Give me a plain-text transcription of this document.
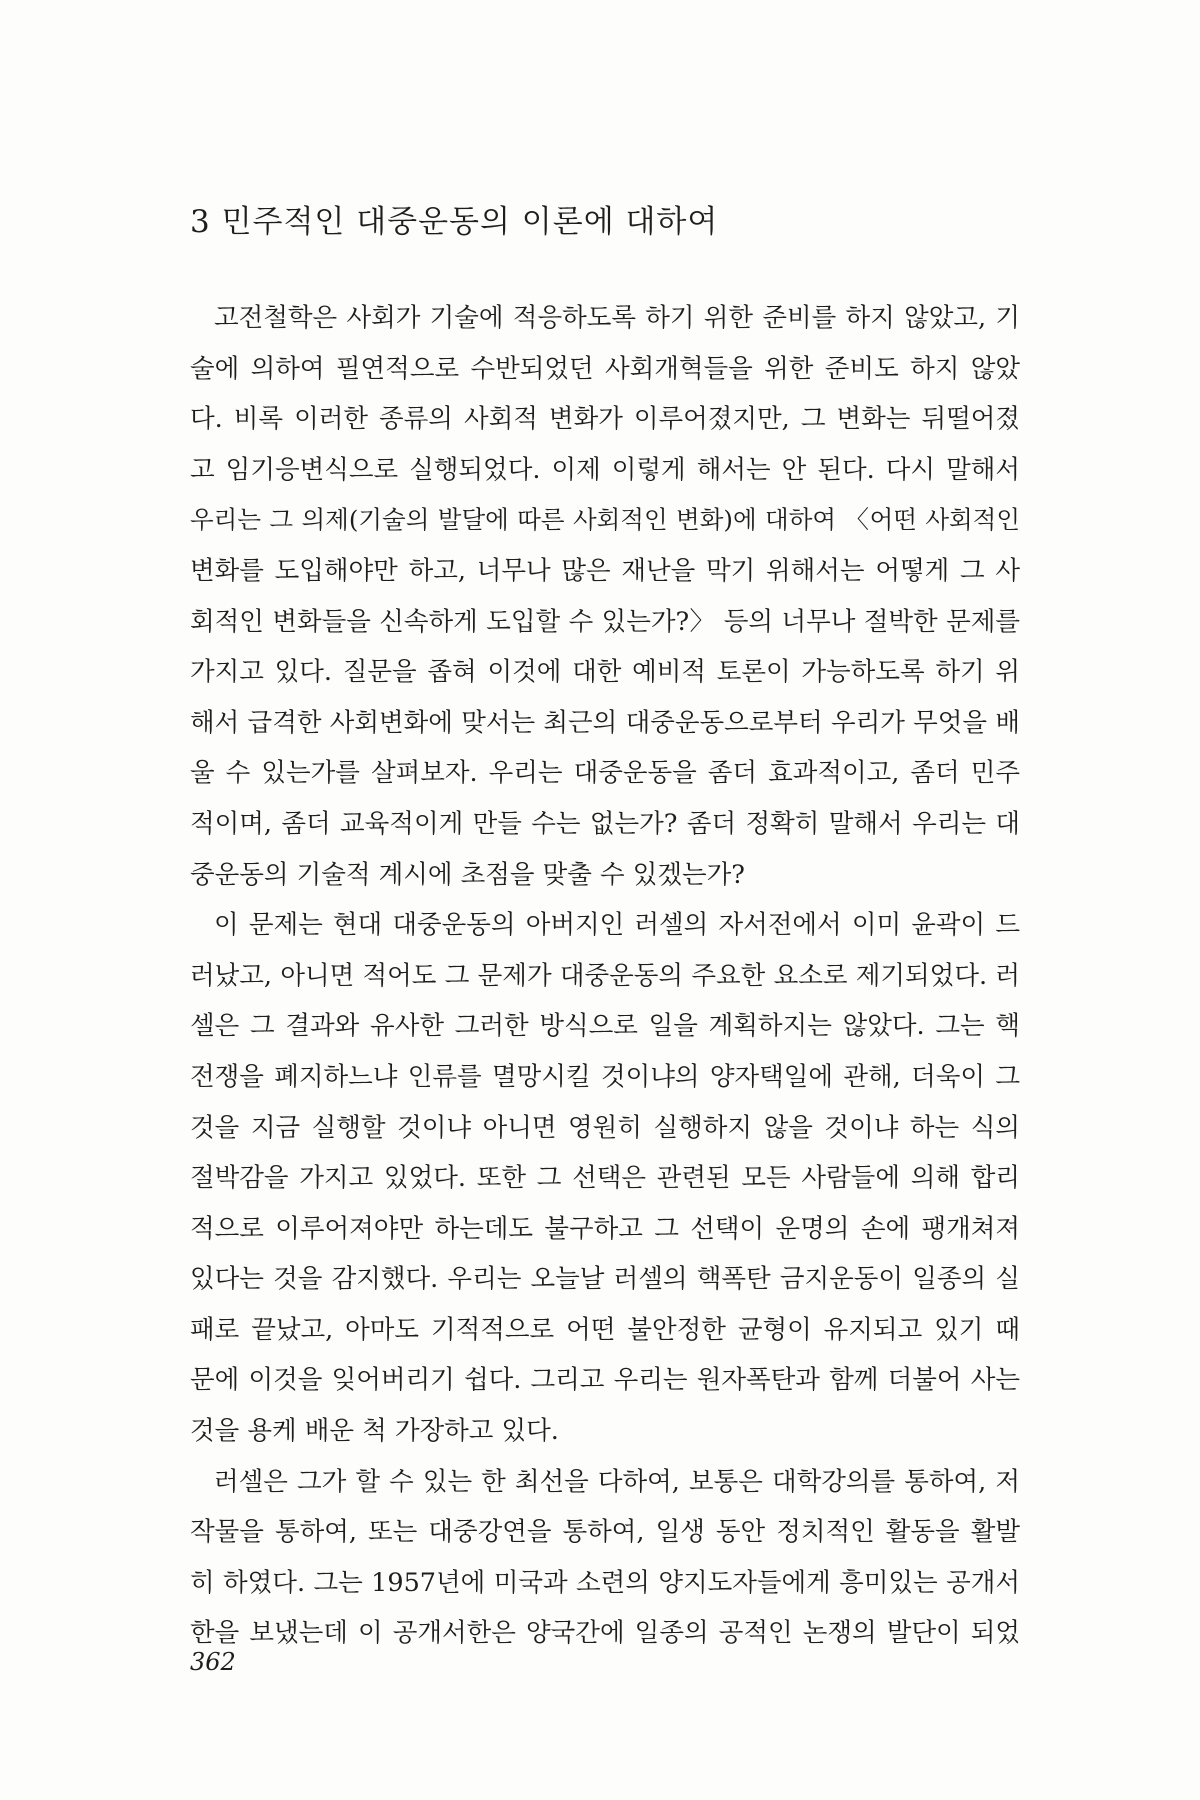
3 민주적인 대중운동의 이론에 대하여

고전철학은 사회가 기술에 적응하도록 하기 위한 준비를 하지 않았고, 기
술에 의하여 필연적으로 수반되었던 사회개혁들을 위한 준비도 하지 않았
다. 비록 이러한 종류의 사회적 변화가 이루어졌지만, 그 변화는 뒤떨어졌
고 임기응변식으로 실행되었다. 이제 이렇게 해서는 안 된다. 다시 말해서
우리는 그 의제(기술의 발달에 따른 사회적인 변화)에 대하여 〈어떤 사회적인
변화를 도입해야만 하고, 너무나 많은 재난을 막기 위해서는 어떻게 그 사
회적인 변화들을 신속하게 도입할 수 있는가?〉 등의 너무나 절박한 문제를
가지고 있다. 질문을 좁혀 이것에 대한 예비적 토론이 가능하도록 하기 위
해서 급격한 사회변화에 맞서는 최근의 대중운동으로부터 우리가 무엇을 배
울 수 있는가를 살펴보자. 우리는 대중운동을 좀더 효과적이고, 좀더 민주
적이며, 좀더 교육적이게 만들 수는 없는가? 좀더 정확히 말해서 우리는 대
중운동의 기술적 계시에 초점을 맞출 수 있겠는가?

이 문제는 현대 대중운동의 아버지인 러셀의 자서전에서 이미 윤곽이 드
러났고, 아니면 적어도 그 문제가 대중운동의 주요한 요소로 제기되었다. 러
셀은 그 결과와 유사한 그러한 방식으로 일을 계획하지는 않았다. 그는 핵
전쟁을 폐지하느냐 인류를 멸망시킬 것이냐의 양자택일에 관해, 더욱이 그
것을 지금 실행할 것이냐 아니면 영원히 실행하지 않을 것이냐 하는 식의
절박감을 가지고 있었다. 또한 그 선택은 관련된 모든 사람들에 의해 합리
적으로 이루어져야만 하는데도 불구하고 그 선택이 운명의 손에 팽개쳐져
있다는 것을 감지했다. 우리는 오늘날 러셀의 핵폭탄 금지운동이 일종의 실
패로 끝났고, 아마도 기적적으로 어떤 불안정한 균형이 유지되고 있기 때
문에 이것을 잊어버리기 쉽다. 그리고 우리는 원자폭탄과 함께 더불어 사는
것을 용케 배운 척 가장하고 있다.

러셀은 그가 할 수 있는 한 최선을 다하여, 보통은 대학강의를 통하여, 저
작물을 통하여, 또는 대중강연을 통하여, 일생 동안 정치적인 활동을 활발
히 하였다. 그는 1957년에 미국과 소련의 양지도자들에게 흥미있는 공개서
한을 보냈는데 이 공개서한은 양국간에 일종의 공적인 논쟁의 발단이 되었

362
